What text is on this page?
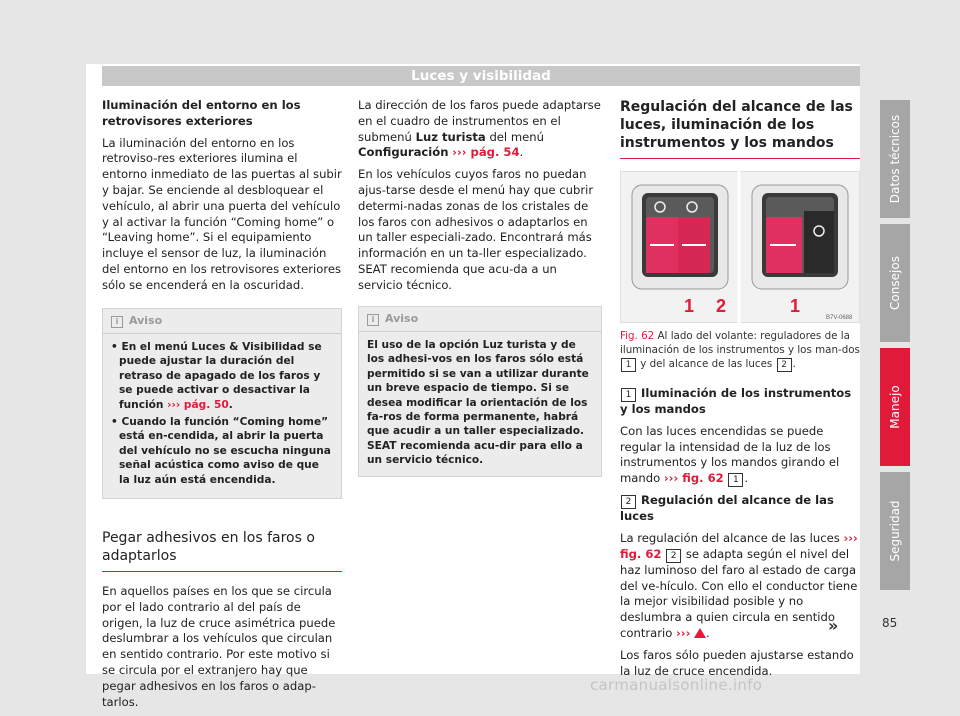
Luces y visibilidad

Iluminación del entorno en los retrovisores exteriores

La iluminación del entorno en los retroviso-res exteriores ilumina el entorno inmediato de las puertas al subir y bajar. Se enciende al desbloquear el vehículo, al abrir una puerta del vehículo y al activar la función “Coming home” o “Leaving home”. Si el equipamiento incluye el sensor de luz, la iluminación del entorno en los retrovisores exteriores sólo se encenderá en la oscuridad.

i Aviso
• En el menú Luces & Visibilidad se puede ajustar la duración del retraso de apagado de los faros y se puede activar o desactivar la función ››› pág. 50.
• Cuando la función “Coming home” está en-cendida, al abrir la puerta del vehículo no se escucha ninguna señal acústica como aviso de que la luz aún está encendida.
Pegar adhesivos en los faros o adaptarlos

En aquellos países en los que se circula por el lado contrario al del país de origen, la luz de cruce asimétrica puede deslumbrar a los vehículos que circulan en sentido contrario. Por este motivo si se circula por el extranjero hay que pegar adhesivos en los faros o adap-tarlos.

La dirección de los faros puede adaptarse en el cuadro de instrumentos en el submenú Luz turista del menú Configuración ››› pág. 54.

En los vehículos cuyos faros no puedan ajus-tarse desde el menú hay que cubrir determi-nadas zonas de los cristales de los faros con adhesivos o adaptarlos en un taller especiali-zado. Encontrará más información en un ta-ller especializado. SEAT recomienda que acu-da a un servicio técnico.

i Aviso
El uso de la opción Luz turista y de los adhesi-vos en los faros sólo está permitido si se van a utilizar durante un breve espacio de tiempo. Si se desea modificar la orientación de los fa-ros de forma permanente, habrá que acudir a un taller especializado. SEAT recomienda acu-dir para ello a un servicio técnico.
Regulación del alcance de las luces, iluminación de los instrumentos y los mandos
1 2	1
B7V-0688
Fig. 62 Al lado del volante: reguladores de la iluminación de los instrumentos y los man-dos 1 y del alcance de las luces 2 .

1 Iluminación de los instrumentos y los mandos

Con las luces encendidas se puede regular la intensidad de la luz de los instrumentos y los mandos girando el mando ››› fig. 62 1 .

2 Regulación del alcance de las luces

La regulación del alcance de las luces ››› fig. 62 2 se adapta según el nivel del haz luminoso del faro al estado de carga del ve-hículo. Con ello el conductor tiene la mejor visibilidad posible y no deslumbra a quien circula en sentido contrario ››› .

Los faros sólo pueden ajustarse estando la luz de cruce encendida.

Datos técnicos
Consejos
Manejo
Seguridad
»	85
carmanualsonline.info
